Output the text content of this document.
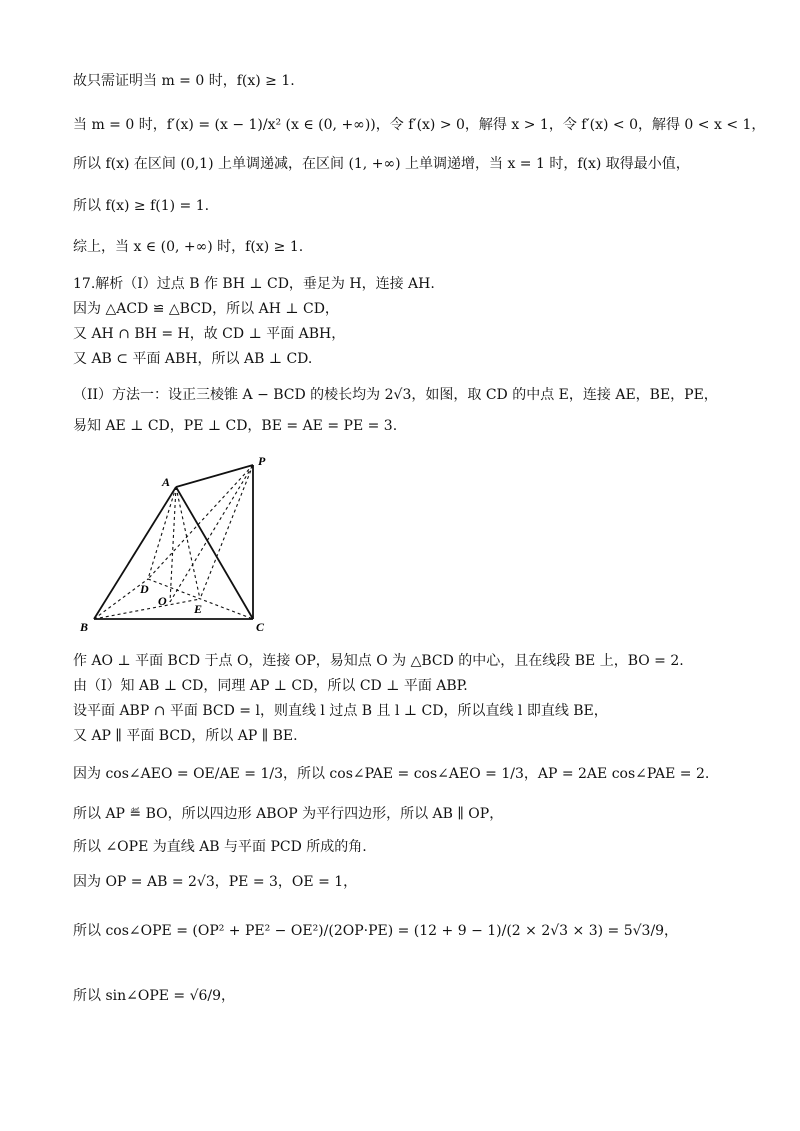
故只需证明当 m = 0 时，f(x) ≥ 1.
当 m = 0 时，f′(x) = (x − 1)/x² (x ∈ (0, +∞))，令 f′(x) > 0，解得 x > 1，令 f′(x) < 0，解得 0 < x < 1，
所以 f(x) 在区间 (0,1) 上单调递减，在区间 (1, +∞) 上单调递增，当 x = 1 时，f(x) 取得最小值，
所以 f(x) ≥ f(1) = 1.
综上，当 x ∈ (0, +∞) 时，f(x) ≥ 1.
17.解析（I）过点 B 作 BH ⊥ CD，垂足为 H，连接 AH.
因为 △ACD ≌ △BCD，所以 AH ⊥ CD，
又 AH ∩ BH = H，故 CD ⊥ 平面 ABH，
又 AB ⊂ 平面 ABH，所以 AB ⊥ CD.
（II）方法一：设正三棱锥 A − BCD 的棱长均为 2√3，如图，取 CD 的中点 E，连接 AE，BE，PE，
易知 AE ⊥ CD，PE ⊥ CD，BE = AE = PE = 3.
A
P
B	C
D
O
E
作 AO ⊥ 平面 BCD 于点 O，连接 OP，易知点 O 为 △BCD 的中心，且在线段 BE 上，BO = 2.
由（I）知 AB ⊥ CD，同理 AP ⊥ CD，所以 CD ⊥ 平面 ABP.
设平面 ABP ∩ 平面 BCD = l，则直线 l 过点 B 且 l ⊥ CD，所以直线 l 即直线 BE，
又 AP ∥ 平面 BCD，所以 AP ∥ BE.
因为 cos∠AEO = OE/AE = 1/3，所以 cos∠PAE = cos∠AEO = 1/3，AP = 2AE cos∠PAE = 2.
所以 AP ≝ BO，所以四边形 ABOP 为平行四边形，所以 AB ∥ OP，
所以 ∠OPE 为直线 AB 与平面 PCD 所成的角.
因为 OP = AB = 2√3，PE = 3，OE = 1，
所以 cos∠OPE = (OP² + PE² − OE²)/(2OP·PE) = (12 + 9 − 1)/(2 × 2√3 × 3) = 5√3/9，
所以 sin∠OPE = √6/9，
